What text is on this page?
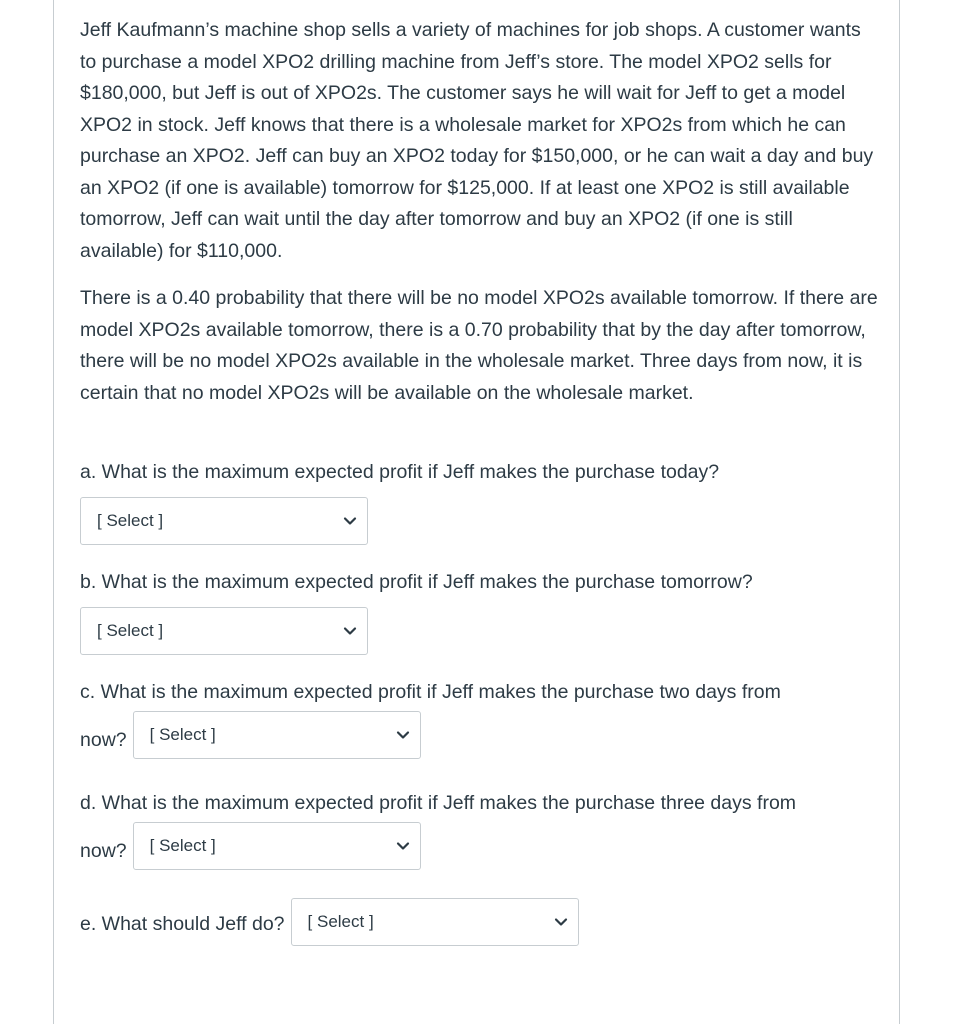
Jeff Kaufmann’s machine shop sells a variety of machines for job shops. A customer wants to purchase a model XPO2 drilling machine from Jeff’s store. The model XPO2 sells for $180,000, but Jeff is out of XPO2s. The customer says he will wait for Jeff to get a model XPO2 in stock. Jeff knows that there is a wholesale market for XPO2s from which he can purchase an XPO2. Jeff can buy an XPO2 today for $150,000, or he can wait a day and buy an XPO2 (if one is available) tomorrow for $125,000. If at least one XPO2 is still available tomorrow, Jeff can wait until the day after tomorrow and buy an XPO2 (if one is still available) for $110,000.

There is a 0.40 probability that there will be no model XPO2s available tomorrow. If there are model XPO2s available tomorrow, there is a 0.70 probability that by the day after tomorrow, there will be no model XPO2s available in the wholesale market. Three days from now, it is certain that no model XPO2s will be available on the wholesale market.

a. What is the maximum expected profit if Jeff makes the purchase today?
[ Select ]
b. What is the maximum expected profit if Jeff makes the purchase tomorrow?
[ Select ]
c. What is the maximum expected profit if Jeff makes the purchase two days from
now? [ Select ]
d. What is the maximum expected profit if Jeff makes the purchase three days from
now? [ Select ]
e. What should Jeff do? [ Select ]
